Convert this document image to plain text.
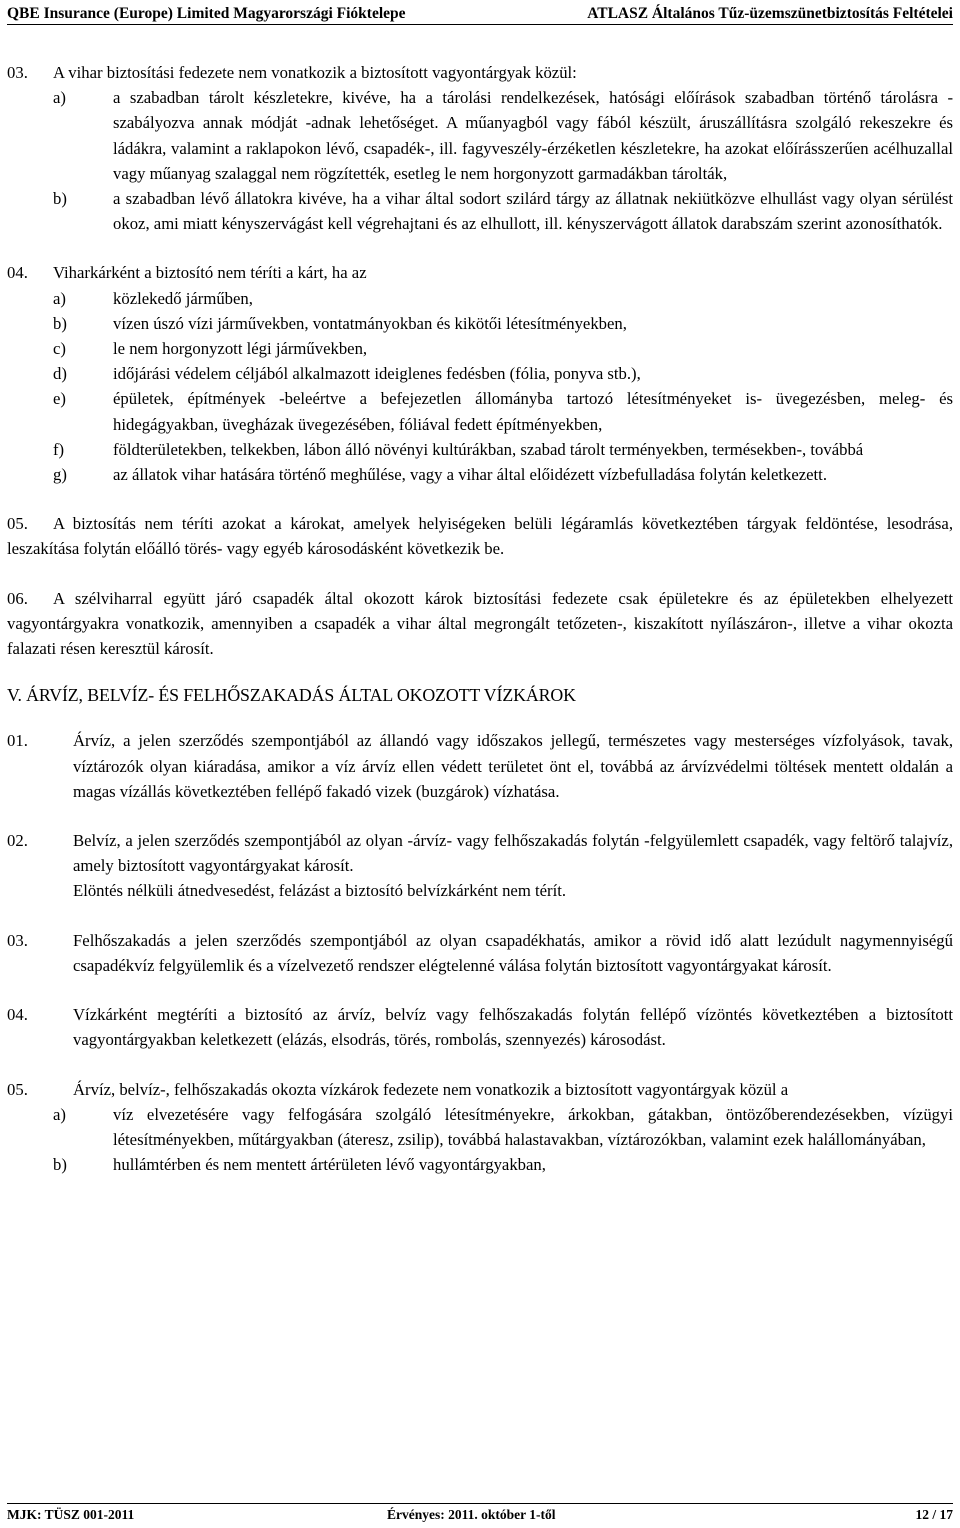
QBE Insurance (Europe) Limited Magyarországi Fióktelepe	ATLASZ Általános Tűz-üzemszünetbiztosítás Feltételei
03.	A vihar biztosítási fedezete nem vonatkozik a biztosított vagyontárgyak közül:
a)	a szabadban tárolt készletekre, kivéve, ha a tárolási rendelkezések, hatósági előírások szabadban történő tárolásra -szabályozva annak módját -adnak lehetőséget. A műanyagból vagy fából készült, áruszállításra szolgáló rekeszekre és ládákra, valamint a raklapokon lévő, csapadék-, ill. fagyveszély-érzéketlen készletekre, ha azokat előírásszerűen acélhuzallal vagy műanyag szalaggal nem rögzítették, esetleg le nem horgonyzott garmadákban tárolták,
b)	a szabadban lévő állatokra kivéve, ha a vihar által sodort szilárd tárgy az állatnak nekiütközve elhullást vagy olyan sérülést okoz, ami miatt kényszervágást kell végrehajtani és az elhullott, ill. kényszervágott állatok darabszám szerint azonosíthatók.
04.	Viharkárként a biztosító nem téríti a kárt, ha az
a)	közlekedő járműben,
b)	vízen úszó vízi járművekben, vontatmányokban és kikötői létesítményekben,
c)	le nem horgonyzott légi járművekben,
d)	időjárási védelem céljából alkalmazott ideiglenes fedésben (fólia, ponyva stb.),
e)	épületek, építmények -beleértve a befejezetlen állományba tartozó létesítményeket is- üvegezésben, meleg- és hidegágyakban, üvegházak üvegezésében, fóliával fedett építményekben,
f)	földterületekben, telkekben, lábon álló növényi kultúrákban, szabad tárolt terményekben, termésekben-, továbbá
g)	az állatok vihar hatására történő meghűlése, vagy a vihar által előidézett vízbefulladása folytán keletkezett.
05.	A biztosítás nem téríti azokat a károkat, amelyek helyiségeken belüli légáramlás következtében tárgyak feldöntése, lesodrása, leszakítása folytán előálló törés- vagy egyéb károsodásként következik be.
06.	A szélviharral együtt járó csapadék által okozott károk biztosítási fedezete csak épületekre és az épületekben elhelyezett vagyontárgyakra vonatkozik, amennyiben a csapadék a vihar által megrongált tetőzeten-, kiszakított nyílászáron-, illetve a vihar okozta falazati résen keresztül károsít.
V. ÁRVÍZ, BELVÍZ- ÉS FELHŐSZAKADÁS ÁLTAL OKOZOTT VÍZKÁROK
01.	Árvíz, a jelen szerződés szempontjából az állandó vagy időszakos jellegű, természetes vagy mesterséges vízfolyások, tavak, víztározók olyan kiáradása, amikor a víz árvíz ellen védett területet önt el, továbbá az árvízvédelmi töltések mentett oldalán a magas vízállás következtében fellépő fakadó vizek (buzgárok) vízhatása.
02.	Belvíz, a jelen szerződés szempontjából az olyan -árvíz- vagy felhőszakadás folytán -felgyülemlett csapadék, vagy feltörő talajvíz, amely biztosított vagyontárgyakat károsít.
Elöntés nélküli átnedvesedést, felázást a biztosító belvízkárként nem térít.
03.	Felhőszakadás a jelen szerződés szempontjából az olyan csapadékhatás, amikor a rövid idő alatt lezúdult nagymennyiségű csapadékvíz felgyülemlik és a vízelvezető rendszer elégtelenné válása folytán biztosított vagyontárgyakat károsít.
04.	Vízkárként megtéríti a biztosító az árvíz, belvíz vagy felhőszakadás folytán fellépő vízöntés következtében a biztosított vagyontárgyakban keletkezett (elázás, elsodrás, törés, rombolás, szennyezés) károsodást.
05.	Árvíz, belvíz-, felhőszakadás okozta vízkárok fedezete nem vonatkozik a biztosított vagyontárgyak közül a
a)	víz elvezetésére vagy felfogására szolgáló létesítményekre, árkokban, gátakban, öntözőberendezésekben, vízügyi létesítményekben, műtárgyakban (áteresz, zsilip), továbbá halastavakban, víztározókban, valamint ezek halállományában,
b)	hullámtérben és nem mentett ártérületen lévő vagyontárgyakban,
MJK: TÜSZ 001-2011	Érvényes: 2011. október 1-től	12 / 17
